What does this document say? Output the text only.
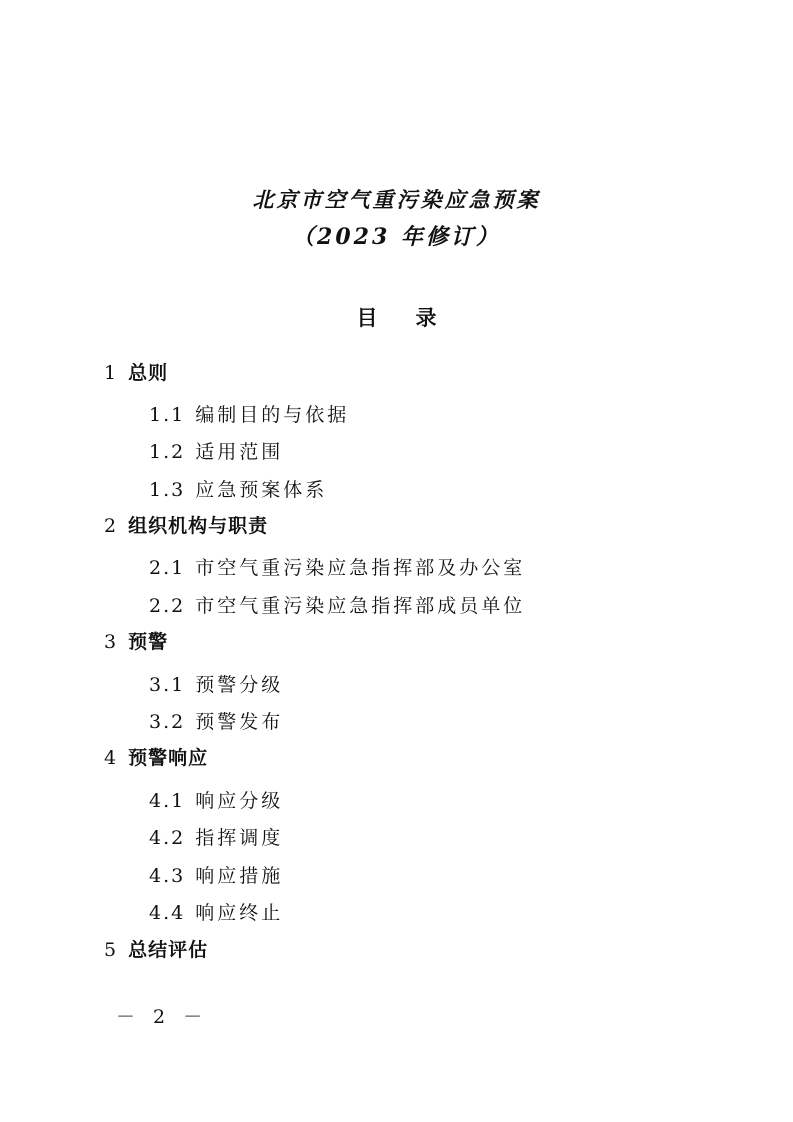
北京市空气重污染应急预案
（2023 年修订）
目录
1 总则
1.1 编制目的与依据
1.2 适用范围
1.3 应急预案体系
2 组织机构与职责
2.1 市空气重污染应急指挥部及办公室
2.2 市空气重污染应急指挥部成员单位
3 预警
3.1 预警分级
3.2 预警发布
4 预警响应
4.1 响应分级
4.2 指挥调度
4.3 响应措施
4.4 响应终止
5 总结评估
－ 2 －
